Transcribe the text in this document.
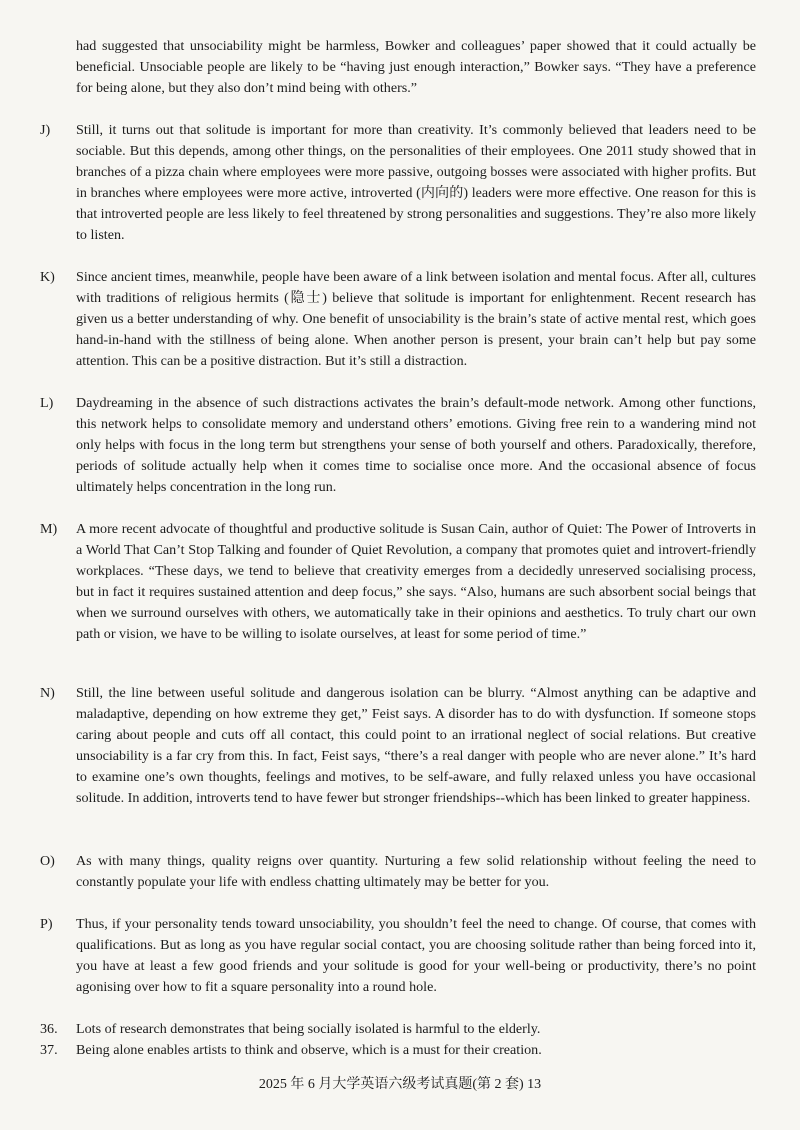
had suggested that unsociability might be harmless, Bowker and colleagues’ paper showed that it could actually be beneficial. Unsociable people are likely to be “having just enough interaction,” Bowker says. “They have a preference for being alone, but they also don’t mind being with others.”

J)	Still, it turns out that solitude is important for more than creativity. It’s commonly believed that leaders need to be sociable. But this depends, among other things, on the personalities of their employees. One 2011 study showed that in branches of a pizza chain where employees were more passive, outgoing bosses were associated with higher profits. But in branches where employees were more active, introverted (内向的) leaders were more effective. One reason for this is that introverted people are less likely to feel threatened by strong personalities and suggestions. They’re also more likely to listen.

K)	Since ancient times, meanwhile, people have been aware of a link between isolation and mental focus. After all, cultures with traditions of religious hermits (隐士) believe that solitude is important for enlightenment. Recent research has given us a better understanding of why. One benefit of unsociability is the brain’s state of active mental rest, which goes hand-in-hand with the stillness of being alone. When another person is present, your brain can’t help but pay some attention. This can be a positive distraction. But it’s still a distraction.

L)	Daydreaming in the absence of such distractions activates the brain’s default-mode network. Among other functions, this network helps to consolidate memory and understand others’ emotions. Giving free rein to a wandering mind not only helps with focus in the long term but strengthens your sense of both yourself and others. Paradoxically, therefore, periods of solitude actually help when it comes time to socialise once more. And the occasional absence of focus ultimately helps concentration in the long run.

M)	A more recent advocate of thoughtful and productive solitude is Susan Cain, author of Quiet: The Power of Introverts in a World That Can’t Stop Talking and founder of Quiet Revolution, a company that promotes quiet and introvert-friendly workplaces. “These days, we tend to believe that creativity emerges from a decidedly unreserved socialising process, but in fact it requires sustained attention and deep focus,” she says. “Also, humans are such absorbent social beings that when we surround ourselves with others, we automatically take in their opinions and aesthetics. To truly chart our own path or vision, we have to be willing to isolate ourselves, at least for some period of time.”

N)	Still, the line between useful solitude and dangerous isolation can be blurry. “Almost anything can be adaptive and maladaptive, depending on how extreme they get,” Feist says. A disorder has to do with dysfunction. If someone stops caring about people and cuts off all contact, this could point to an irrational neglect of social relations. But creative unsociability is a far cry from this. In fact, Feist says, “there’s a real danger with people who are never alone.” It’s hard to examine one’s own thoughts, feelings and motives, to be self-aware, and fully relaxed unless you have occasional solitude. In addition, introverts tend to have fewer but stronger friendships--which has been linked to greater happiness.

O)	As with many things, quality reigns over quantity. Nurturing a few solid relationship without feeling the need to constantly populate your life with endless chatting ultimately may be better for you.

P)	Thus, if your personality tends toward unsociability, you shouldn’t feel the need to change. Of course, that comes with qualifications. But as long as you have regular social contact, you are choosing solitude rather than being forced into it, you have at least a few good friends and your solitude is good for your well-being or productivity, there’s no point agonising over how to fit a square personality into a round hole.

36.	Lots of research demonstrates that being socially isolated is harmful to the elderly.

37.	Being alone enables artists to think and observe, which is a must for their creation.

2025 年 6 月大学英语六级考试真题(第 2 套) 13
